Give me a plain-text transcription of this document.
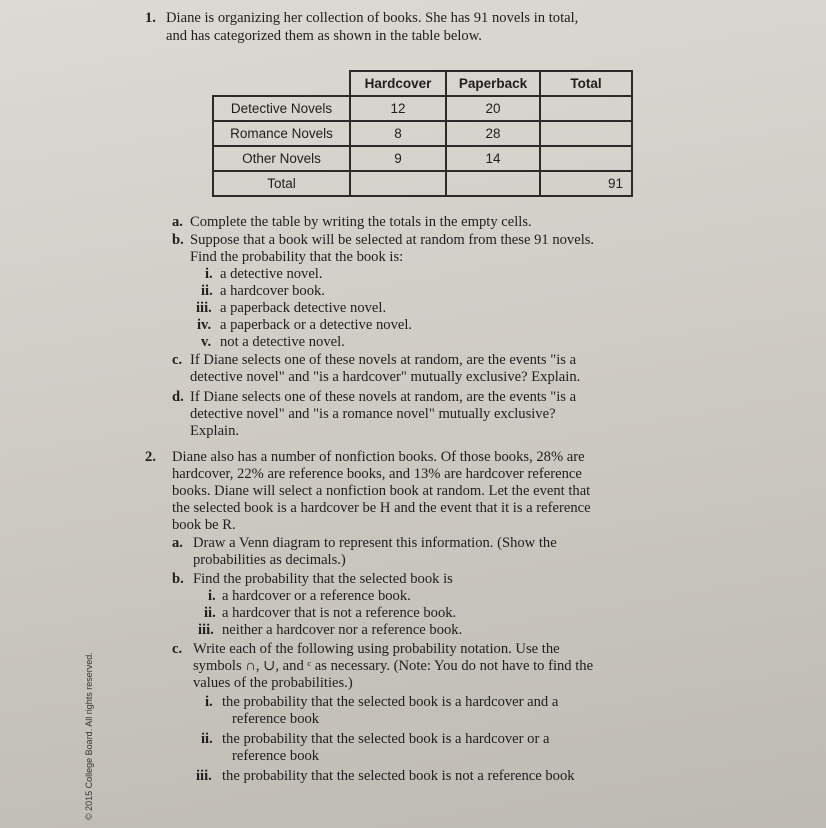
1. Diane is organizing her collection of books. She has 91 novels in total,
and has categorized them as shown in the table below.
	Hardcover	Paperback	Total
Detective Novels	12	20	
Romance Novels	8	28	
Other Novels	9	14	
Total			91
a. Complete the table by writing the totals in the empty cells.
b. Suppose that a book will be selected at random from these 91 novels.
Find the probability that the book is:
i. a detective novel.
ii. a hardcover book.
iii. a paperback detective novel.
iv. a paperback or a detective novel.
v. not a detective novel.
c. If Diane selects one of these novels at random, are the events "is a
detective novel" and "is a hardcover" mutually exclusive? Explain.
d. If Diane selects one of these novels at random, are the events "is a
detective novel" and "is a romance novel" mutually exclusive?
Explain.
2. Diane also has a number of nonfiction books. Of those books, 28% are
hardcover, 22% are reference books, and 13% are hardcover reference
books. Diane will select a nonfiction book at random. Let the event that
the selected book is a hardcover be H and the event that it is a reference
book be R.
a. Draw a Venn diagram to represent this information. (Show the
probabilities as decimals.)
b. Find the probability that the selected book is
i. a hardcover or a reference book.
ii. a hardcover that is not a reference book.
iii. neither a hardcover nor a reference book.
c. Write each of the following using probability notation. Use the
symbols ∩, ∪, and ᶜ as necessary. (Note: You do not have to find the
values of the probabilities.)
i. the probability that the selected book is a hardcover and a
reference book
ii. the probability that the selected book is a hardcover or a
reference book
iii. the probability that the selected book is not a reference book
© 2015 College Board. All rights reserved.
